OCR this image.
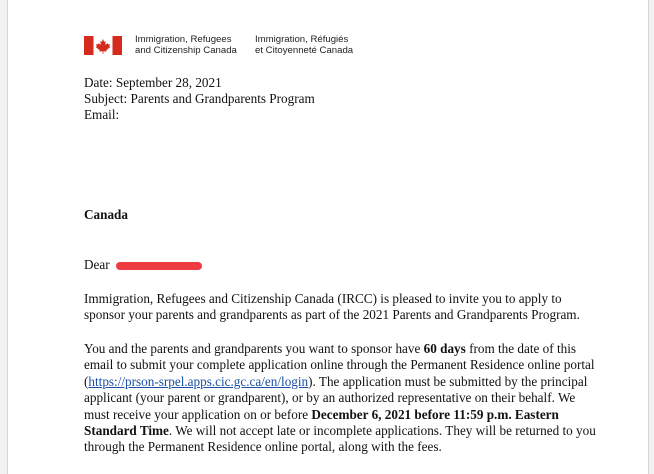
Immigration, Refugees
and Citizenship Canada
Immigration, Réfugiés
et Citoyenneté Canada
Date: September 28, 2021
Subject: Parents and Grandparents Program
Email:
Canada
Dear
Immigration, Refugees and Citizenship Canada (IRCC) is pleased to invite you to apply to sponsor your parents and grandparents as part of the 2021 Parents and Grandparents Program.
You and the parents and grandparents you want to sponsor have 60 days from the date of this email to submit your complete application online through the Permanent Residence online portal (https://prson-srpel.apps.cic.gc.ca/en/login). The application must be submitted by the principal applicant (your parent or grandparent), or by an authorized representative on their behalf. We must receive your application on or before December 6, 2021 before 11:59 p.m. Eastern Standard Time. We will not accept late or incomplete applications. They will be returned to you through the Permanent Residence online portal, along with the fees.
